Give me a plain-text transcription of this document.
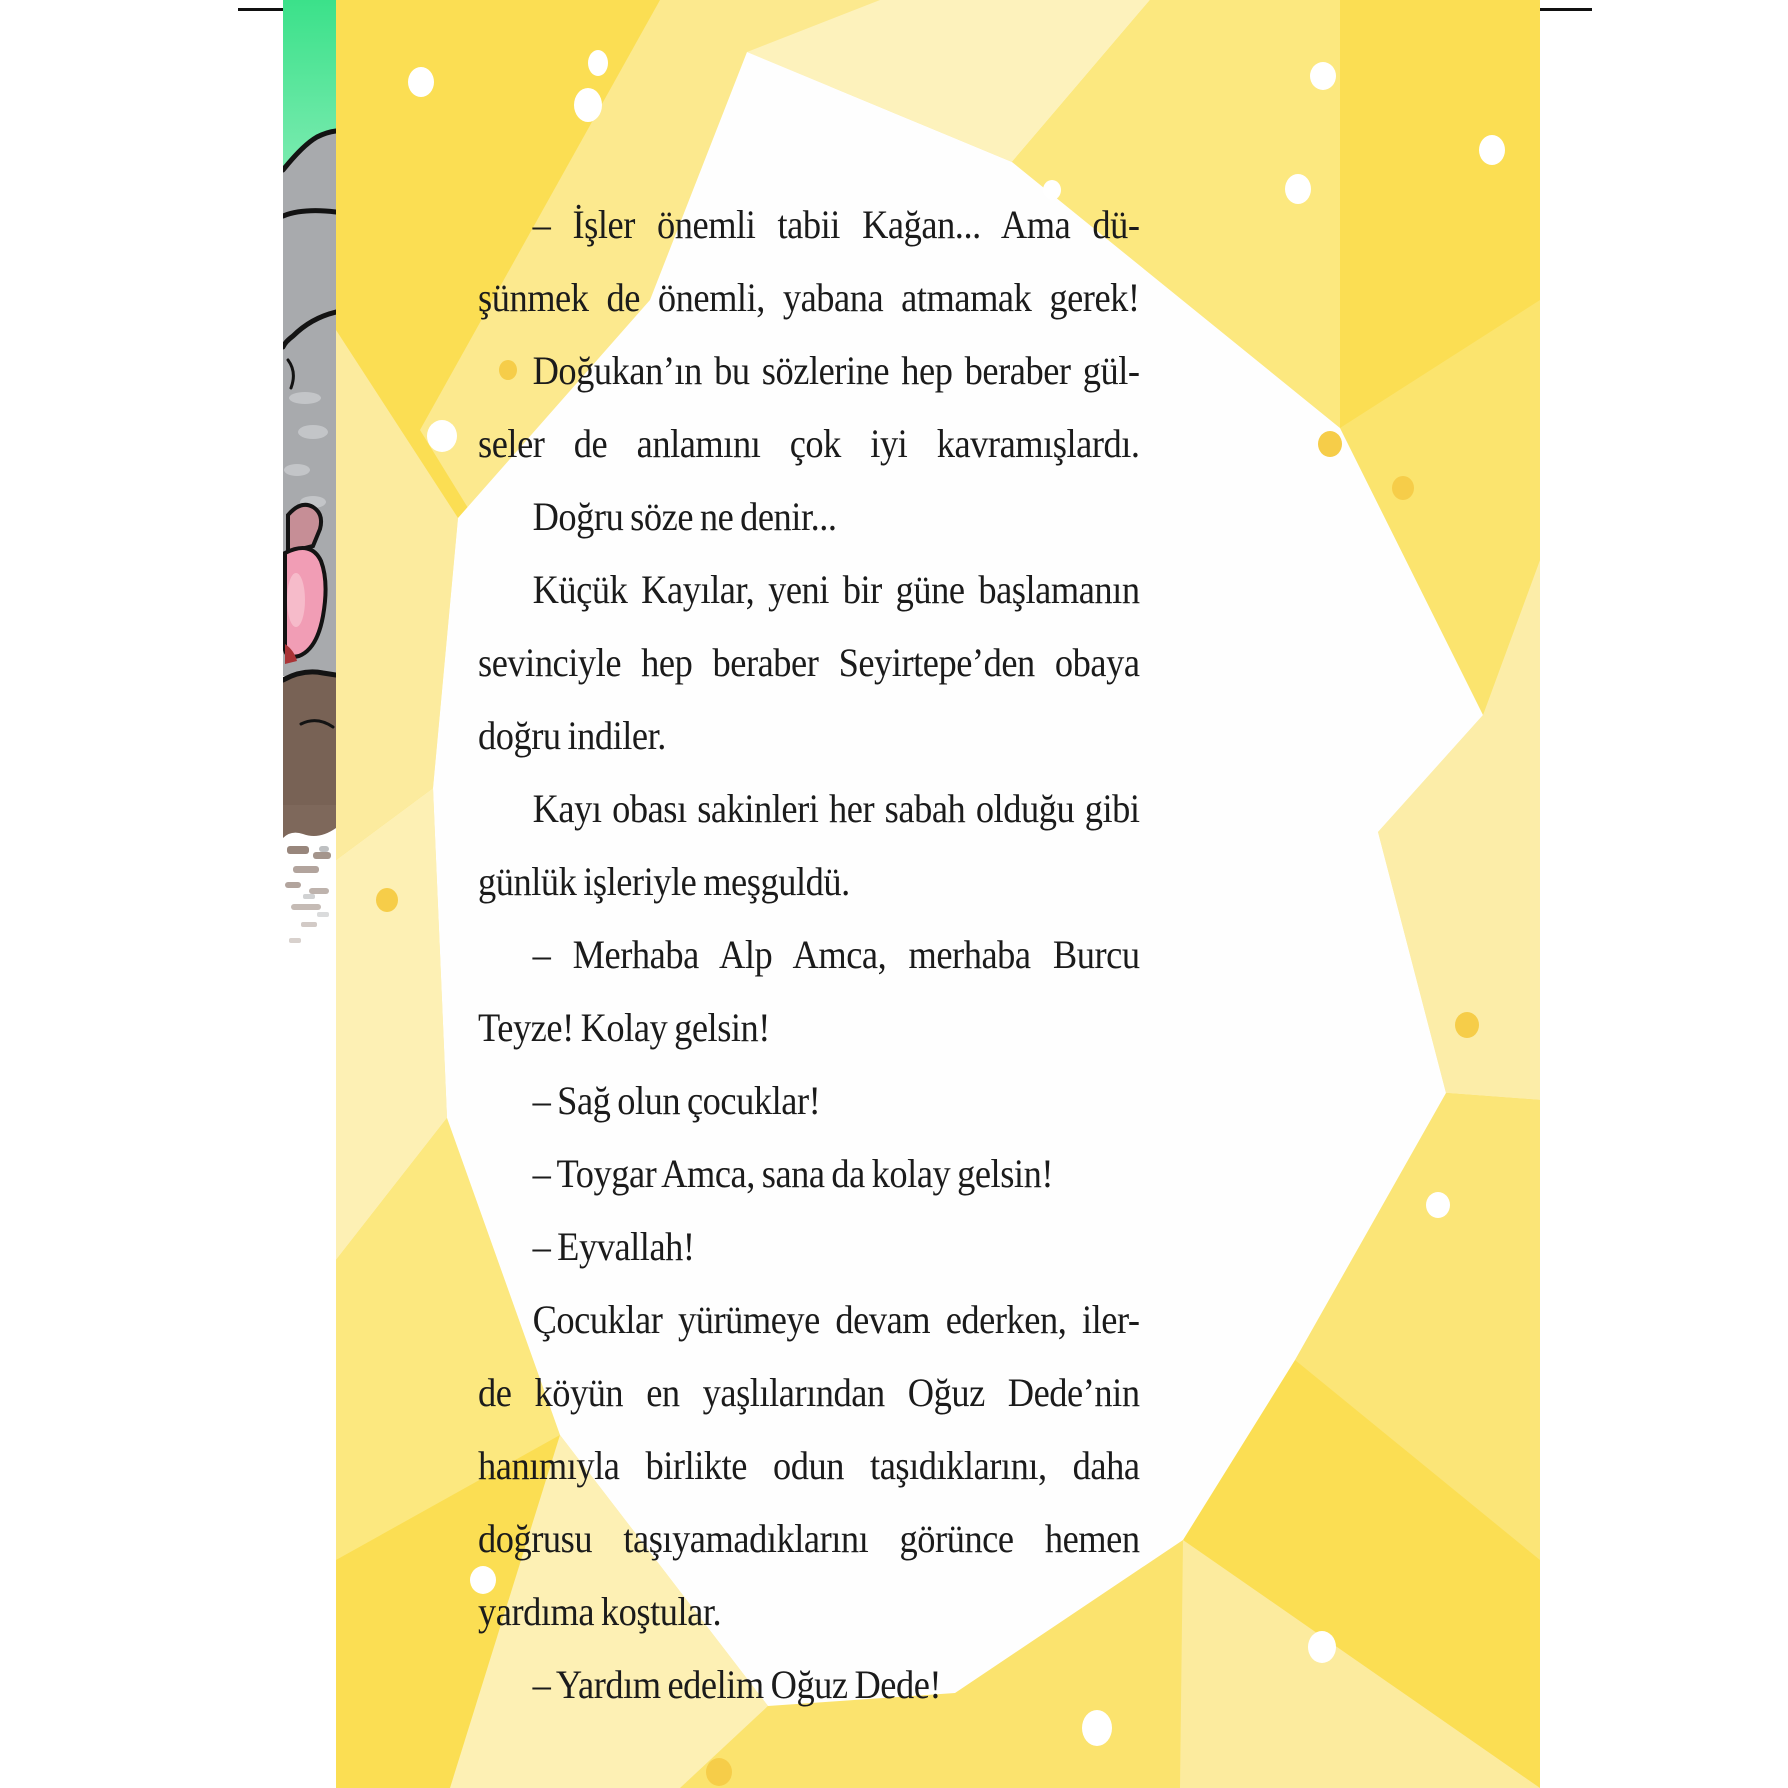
– İşler önemli tabii Kağan... Ama dü-
şünmek de önemli, yabana atmamak gerek!
Doğukan’ın bu sözlerine hep beraber gül-
seler de anlamını çok iyi kavramışlardı.
Doğru söze ne denir...
Küçük Kayılar, yeni bir güne başlamanın
sevinciyle hep beraber Seyirtepe’den obaya
doğru indiler.
Kayı obası sakinleri her sabah olduğu gibi
günlük işleriyle meşguldü.
– Merhaba Alp Amca, merhaba Burcu
Teyze! Kolay gelsin!
– Sağ olun çocuklar!
– Toygar Amca, sana da kolay gelsin!
– Eyvallah!
Çocuklar yürümeye devam ederken, iler-
de köyün en yaşlılarından Oğuz Dede’nin
hanımıyla birlikte odun taşıdıklarını, daha
doğrusu taşıyamadıklarını görünce hemen
yardıma koştular.
– Yardım edelim Oğuz Dede!
